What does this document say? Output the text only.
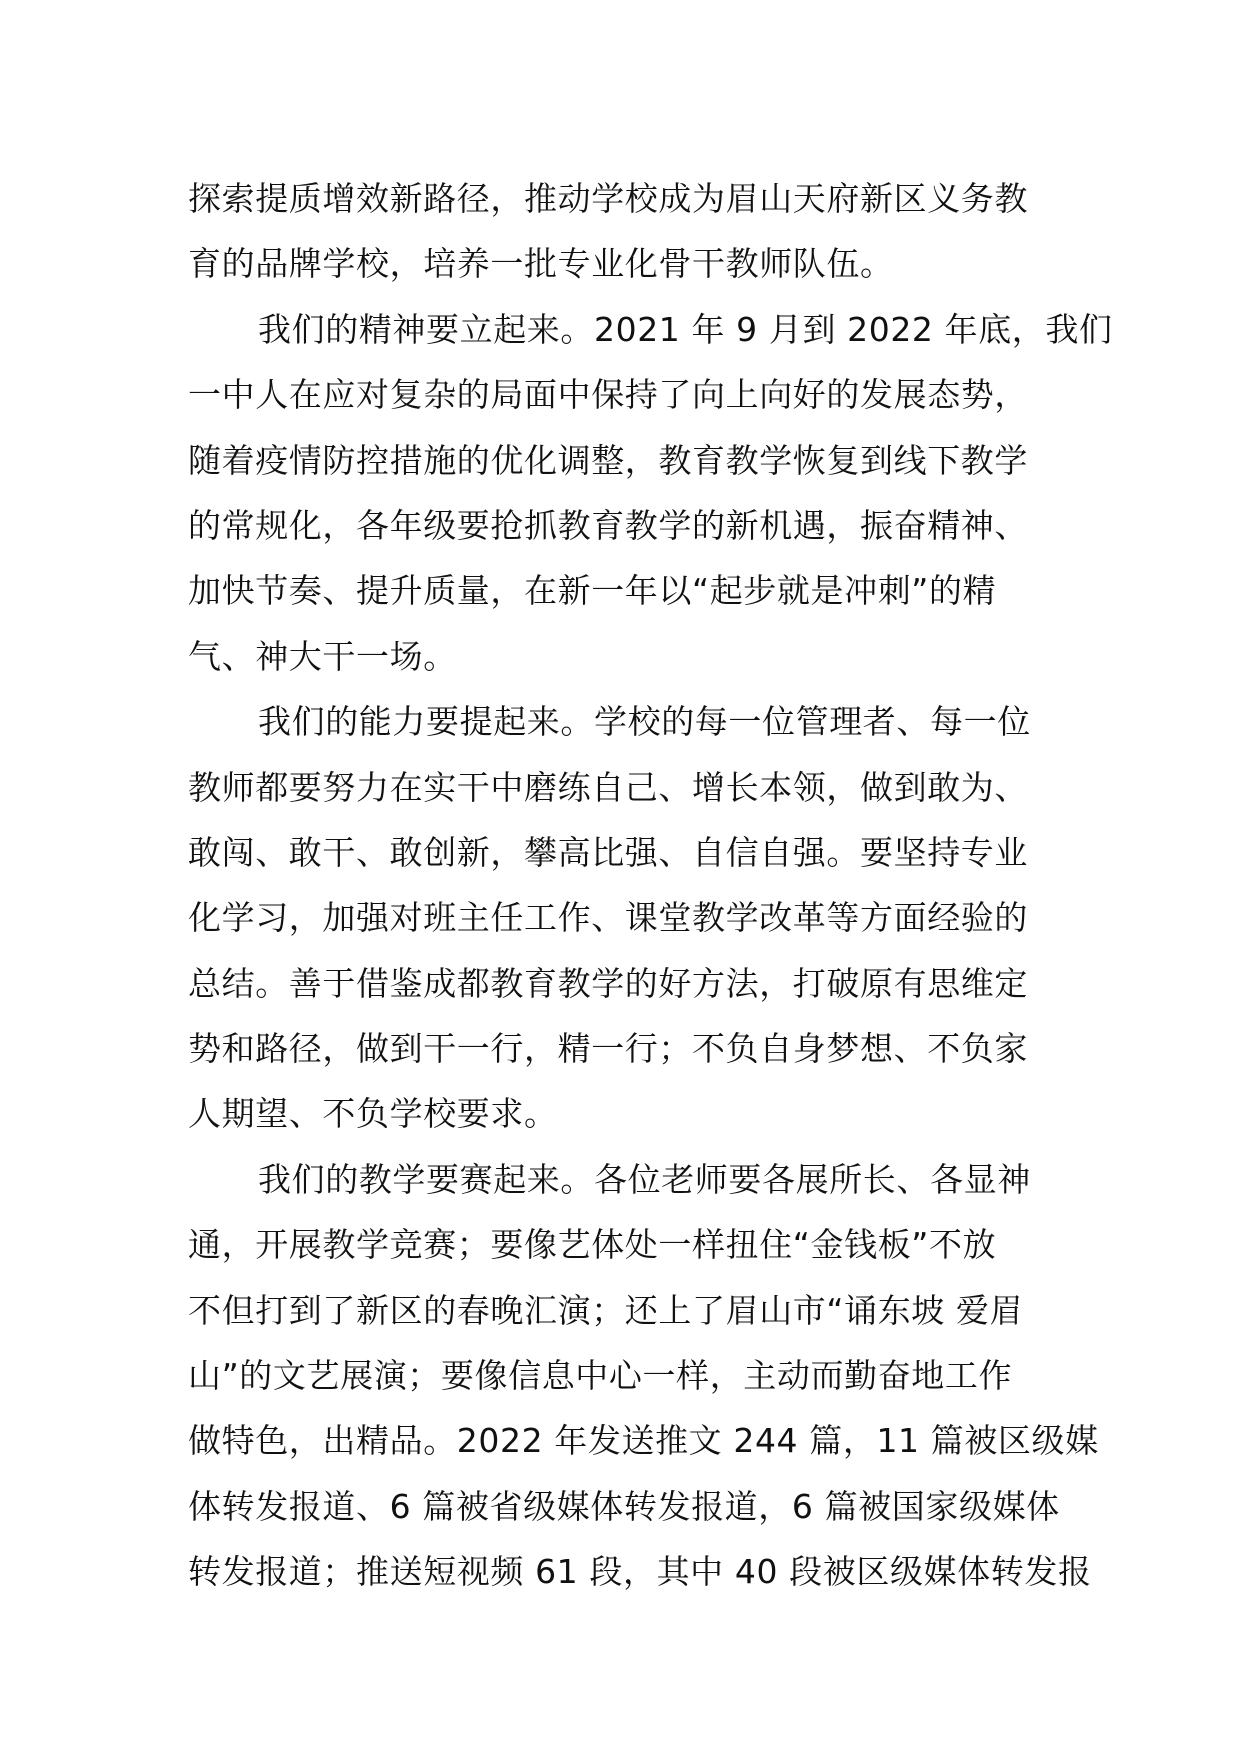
探索提质增效新路径，推动学校成为眉山天府新区义务教
育的品牌学校，培养一批专业化骨干教师队伍。
我们的精神要立起来。2021 年 9 月到 2022 年底，我们
一中人在应对复杂的局面中保持了向上向好的发展态势，
随着疫情防控措施的优化调整，教育教学恢复到线下教学
的常规化，各年级要抢抓教育教学的新机遇，振奋精神、
加快节奏、提升质量，在新一年以“起步就是冲刺”的精
气、神大干一场。
我们的能力要提起来。学校的每一位管理者、每一位
教师都要努力在实干中磨练自己、增长本领，做到敢为、
敢闯、敢干、敢创新，攀高比强、自信自强。要坚持专业
化学习，加强对班主任工作、课堂教学改革等方面经验的
总结。善于借鉴成都教育教学的好方法，打破原有思维定
势和路径，做到干一行，精一行；不负自身梦想、不负家
人期望、不负学校要求。
我们的教学要赛起来。各位老师要各展所长、各显神
通，开展教学竞赛；要像艺体处一样扭住“金钱板”不放
不但打到了新区的春晚汇演；还上了眉山市“诵东坡 爱眉
山”的文艺展演；要像信息中心一样，主动而勤奋地工作
做特色，出精品。2022 年发送推文 244 篇，11 篇被区级媒
体转发报道、6 篇被省级媒体转发报道，6 篇被国家级媒体
转发报道；推送短视频 61 段，其中 40 段被区级媒体转发报
